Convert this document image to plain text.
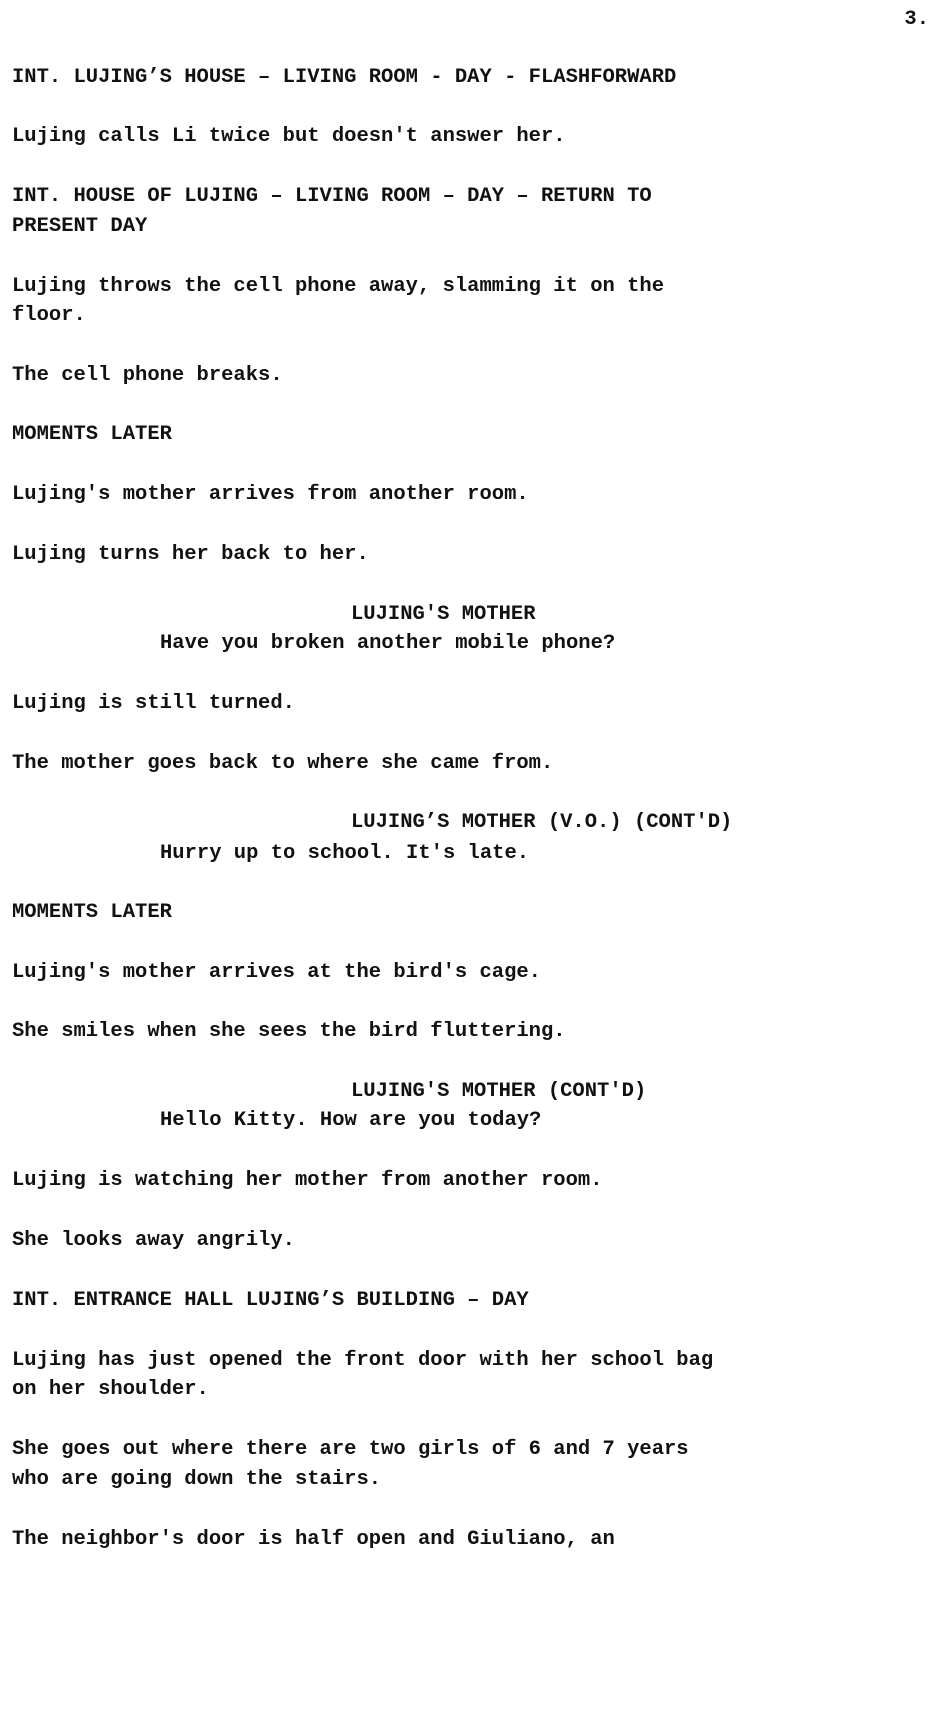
3.
INT. LUJING’S HOUSE – LIVING ROOM - DAY - FLASHFORWARD
Lujing calls Li twice but doesn't answer her.
INT. HOUSE OF LUJING – LIVING ROOM – DAY – RETURN TO
PRESENT DAY
Lujing throws the cell phone away, slamming it on the
floor.
The cell phone breaks.
MOMENTS LATER
Lujing's mother arrives from another room.
Lujing turns her back to her.
LUJING'S MOTHER
Have you broken another mobile phone?
Lujing is still turned.
The mother goes back to where she came from.
LUJING’S MOTHER (V.O.) (CONT'D)
Hurry up to school. It's late.
MOMENTS LATER
Lujing's mother arrives at the bird's cage.
She smiles when she sees the bird fluttering.
LUJING'S MOTHER (CONT'D)
Hello Kitty. How are you today?
Lujing is watching her mother from another room.
She looks away angrily.
INT. ENTRANCE HALL LUJING’S BUILDING – DAY
Lujing has just opened the front door with her school bag
on her shoulder.
She goes out where there are two girls of 6 and 7 years
who are going down the stairs.
The neighbor's door is half open and Giuliano, an
